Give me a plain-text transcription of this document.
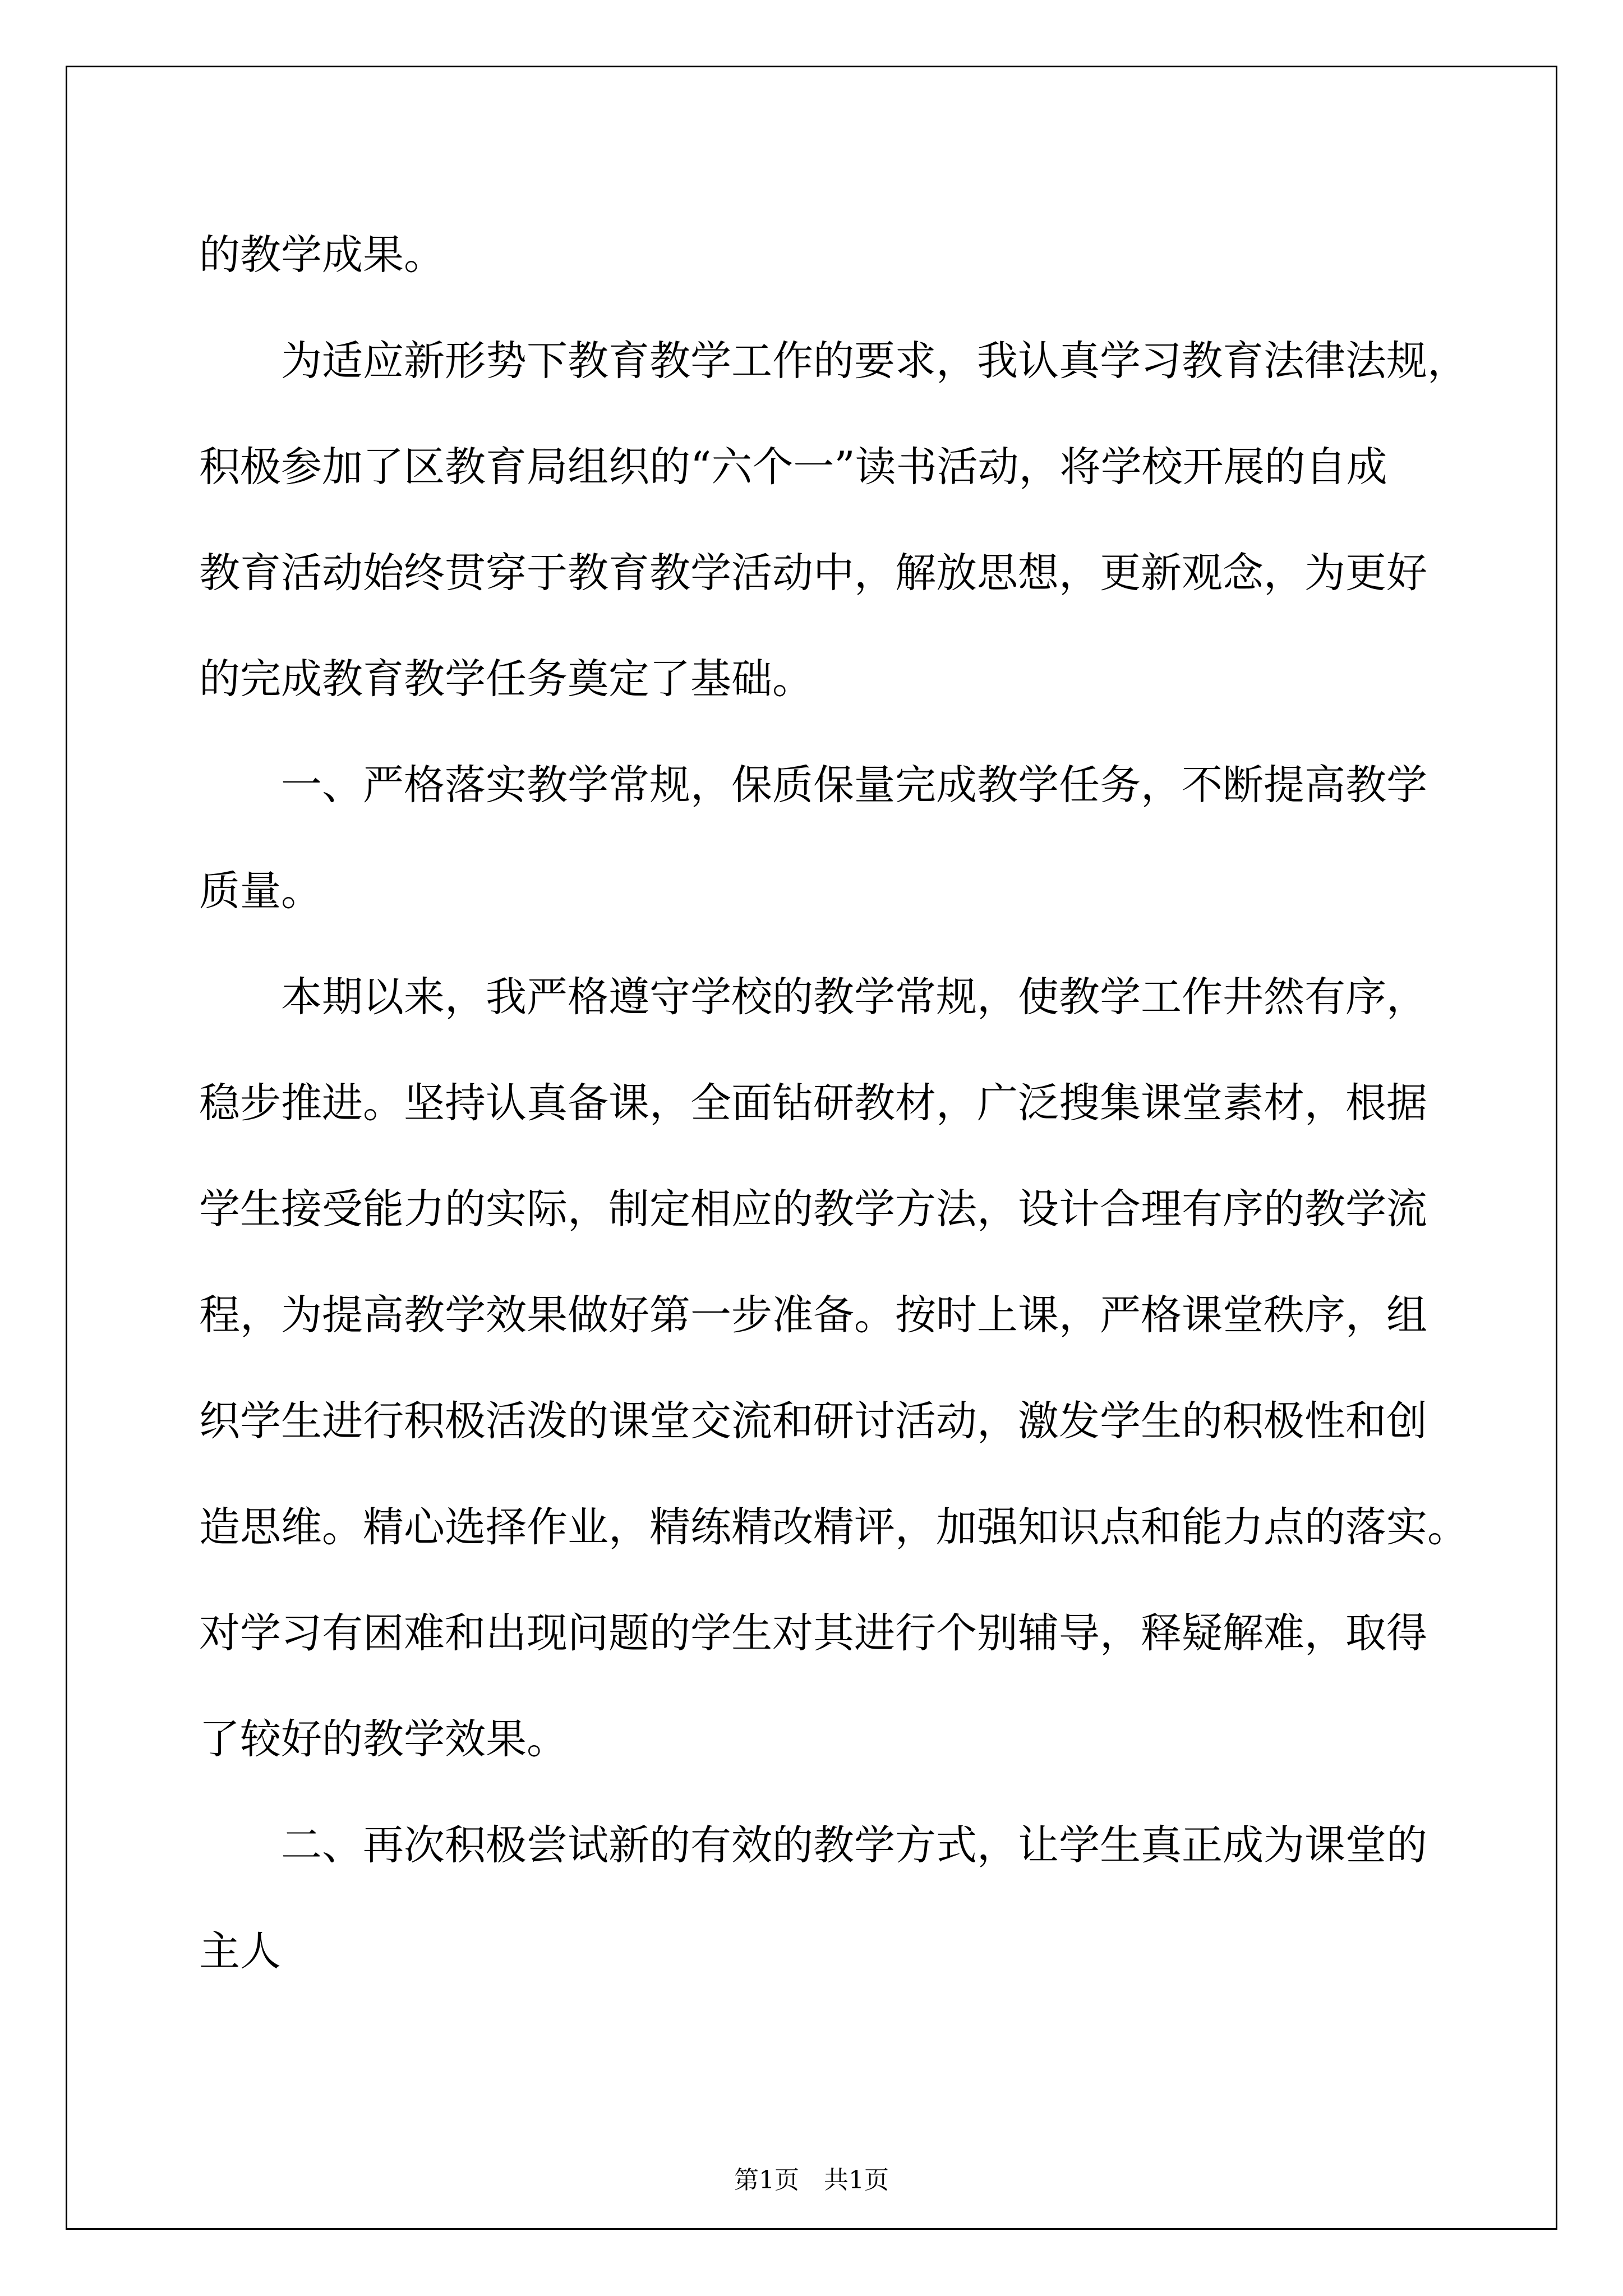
的教学成果。
为适应新形势下教育教学工作的要求，我认真学习教育法律法规，
积极参加了区教育局组织的“六个一”读书活动，将学校开展的自成
教育活动始终贯穿于教育教学活动中，解放思想，更新观念，为更好
的完成教育教学任务奠定了基础。
一、严格落实教学常规，保质保量完成教学任务，不断提高教学
质量。
本期以来，我严格遵守学校的教学常规，使教学工作井然有序，
稳步推进。坚持认真备课，全面钻研教材，广泛搜集课堂素材，根据
学生接受能力的实际，制定相应的教学方法，设计合理有序的教学流
程，为提高教学效果做好第一步准备。按时上课，严格课堂秩序，组
织学生进行积极活泼的课堂交流和研讨活动，激发学生的积极性和创
造思维。精心选择作业，精练精改精评，加强知识点和能力点的落实。
对学习有困难和出现问题的学生对其进行个别辅导，释疑解难，取得
了较好的教学效果。
二、再次积极尝试新的有效的教学方式，让学生真正成为课堂的
主人
第1页 共1页
